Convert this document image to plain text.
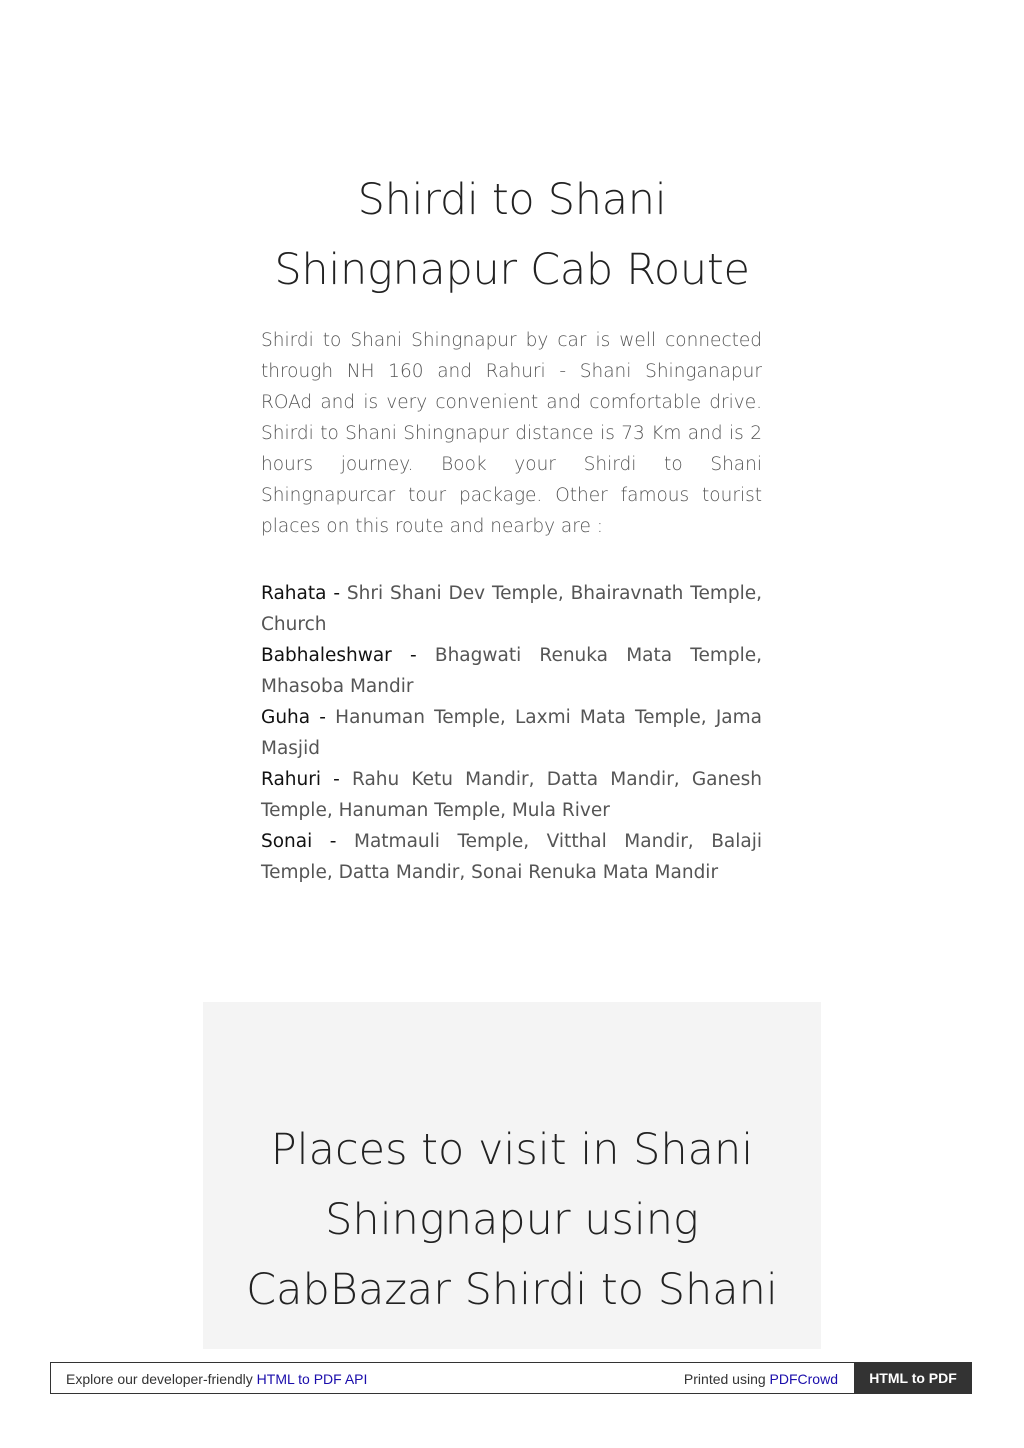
Shirdi to Shani
Shingnapur Cab Route

Shirdi to Shani Shingnapur by car is well connected through NH 160 and Rahuri - Shani Shinganapur ROAd and is very convenient and comfortable drive. Shirdi to Shani Shingnapur distance is 73 Km and is 2 hours journey. Book your Shirdi to Shani Shingnapurcar tour package. Other famous tourist places on this route and nearby are :

Rahata - Shri Shani Dev Temple, Bhairavnath Temple, Church

Babhaleshwar - Bhagwati Renuka Mata Temple, Mhasoba Mandir

Guha - Hanuman Temple, Laxmi Mata Temple, Jama Masjid

Rahuri - Rahu Ketu Mandir, Datta Mandir, Ganesh Temple, Hanuman Temple, Mula River

Sonai - Matmauli Temple, Vitthal Mandir, Balaji Temple, Datta Mandir, Sonai Renuka Mata Mandir

Places to visit in Shani
Shingnapur using
CabBazar Shirdi to Shani
Explore our developer-friendly HTML to PDF API	Printed using PDFCrowd	HTML to PDF
